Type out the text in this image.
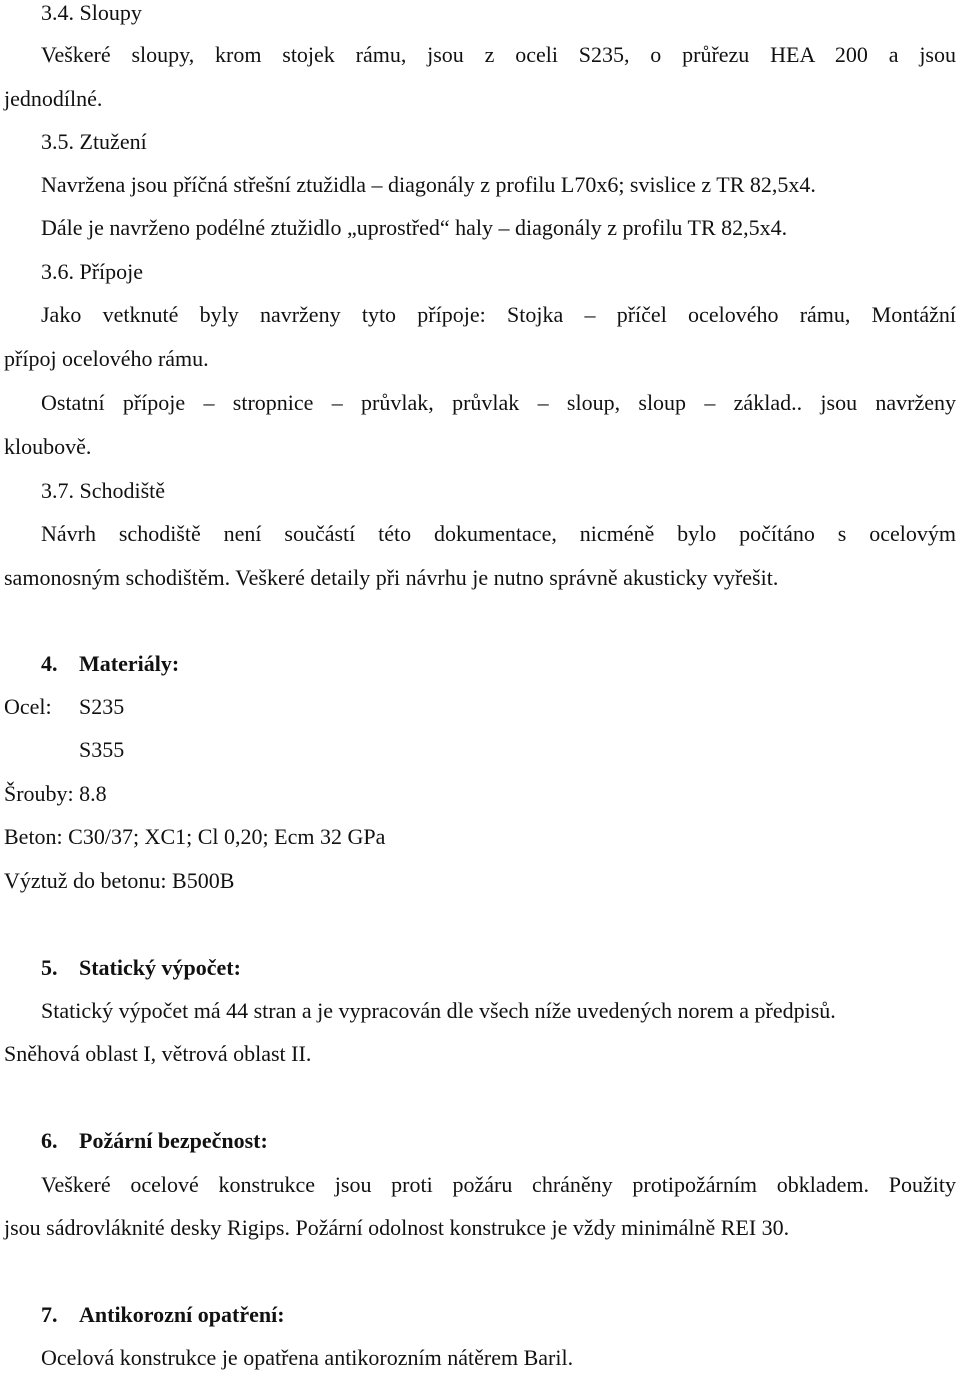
3.4. Sloupy
Veškeré sloupy, krom stojek rámu, jsou z oceli S235, o průřezu HEA 200 a jsou
jednodílné.
3.5. Ztužení
Navržena jsou příčná střešní ztužidla – diagonály z profilu L70x6; svislice z TR 82,5x4.
Dále je navrženo podélné ztužidlo „uprostřed“ haly – diagonály z profilu TR 82,5x4.
3.6. Přípoje
Jako vetknuté byly navrženy tyto přípoje: Stojka – příčel ocelového rámu, Montážní
přípoj ocelového rámu.
Ostatní přípoje – stropnice – průvlak, průvlak – sloup, sloup – základ.. jsou navrženy
kloubově.
3.7. Schodiště
Návrh schodiště není součástí této dokumentace, nicméně bylo počítáno s ocelovým
samonosným schodištěm. Veškeré detaily při návrhu je nutno správně akusticky vyřešit.
4. Materiály:
Ocel: S235
S355
Šrouby: 8.8
Beton: C30/37; XC1; Cl 0,20; Ecm 32 GPa
Výztuž do betonu: B500B
5. Statický výpočet:
Statický výpočet má 44 stran a je vypracován dle všech níže uvedených norem a předpisů.
Sněhová oblast I, větrová oblast II.
6. Požární bezpečnost:
Veškeré ocelové konstrukce jsou proti požáru chráněny protipožárním obkladem. Použity
jsou sádrovláknité desky Rigips. Požární odolnost konstrukce je vždy minimálně REI 30.
7. Antikorozní opatření:
Ocelová konstrukce je opatřena antikorozním nátěrem Baril.
